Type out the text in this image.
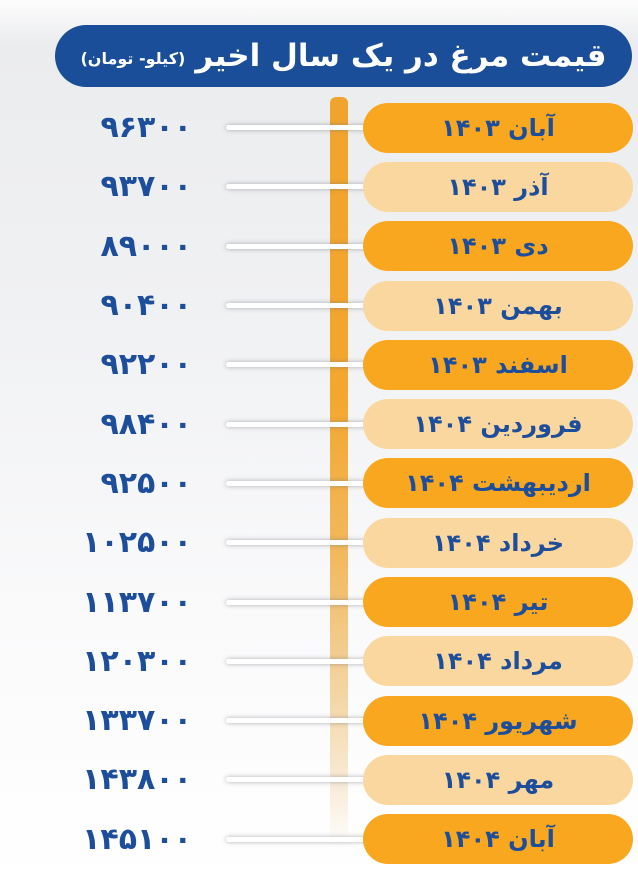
قیمت مرغ در یک سال اخیر
(کیلو- تومان)
۹۶۳۰۰	آبان ۱۴۰۳
۹۳۷۰۰	آذر ۱۴۰۳
۸۹۰۰۰	دی ۱۴۰۳
۹۰۴۰۰	بهمن ۱۴۰۳
۹۲۲۰۰	اسفند ۱۴۰۳
۹۸۴۰۰	فروردین ۱۴۰۴
۹۲۵۰۰	اردیبهشت ۱۴۰۴
۱۰۲۵۰۰	خرداد ۱۴۰۴
۱۱۳۷۰۰	تیر ۱۴۰۴
۱۲۰۳۰۰	مرداد ۱۴۰۴
۱۳۳۷۰۰	شهریور ۱۴۰۴
۱۴۳۸۰۰	مهر ۱۴۰۴
۱۴۵۱۰۰	آبان ۱۴۰۴
